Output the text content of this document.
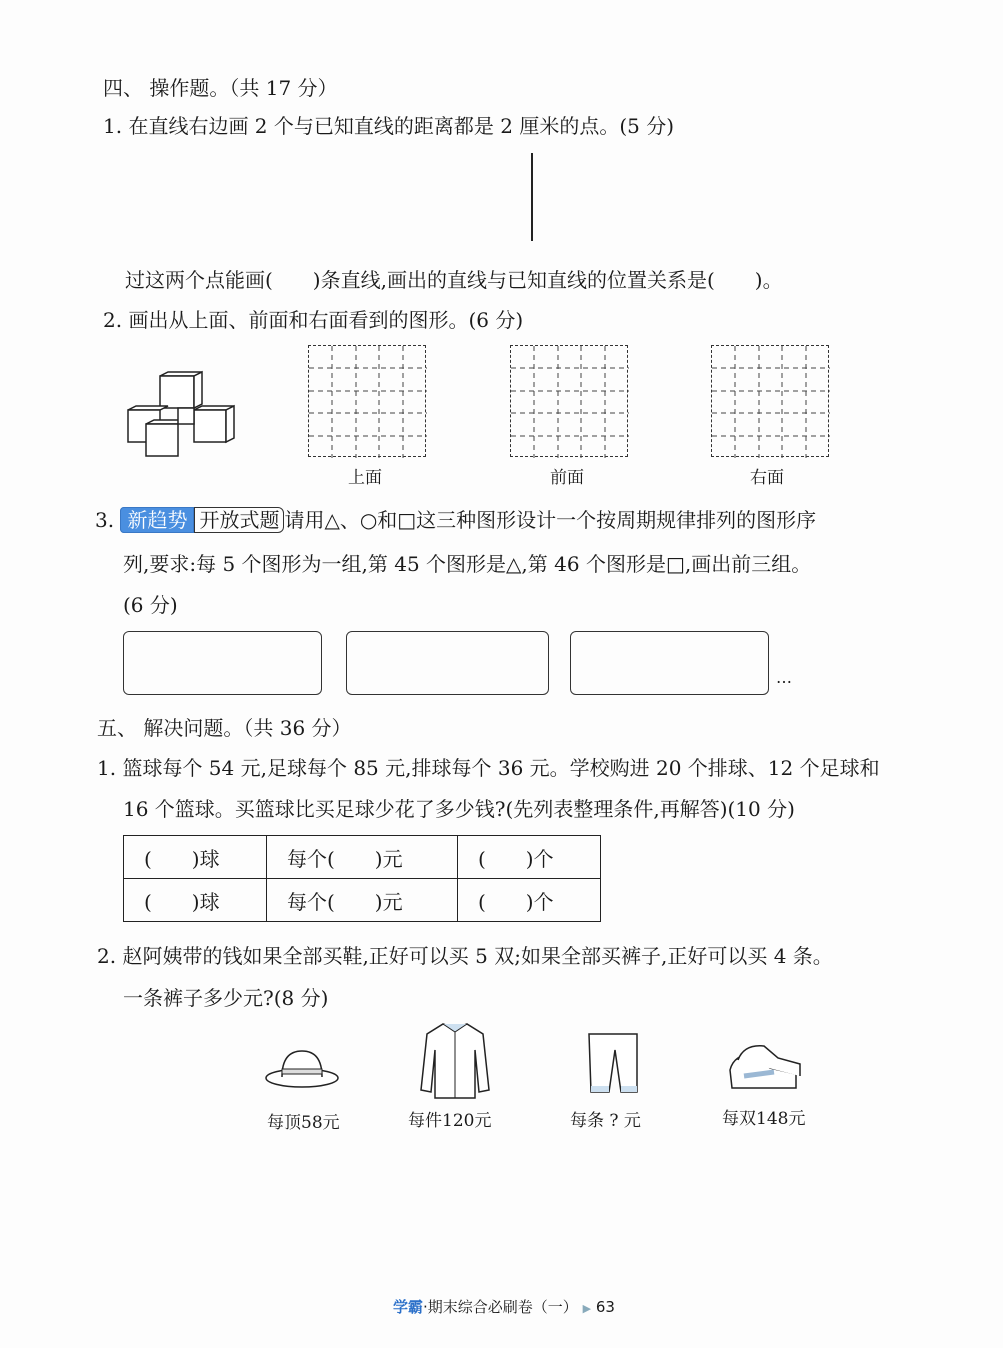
四、 操作题。（共 17 分）
1. 在直线右边画 2 个与已知直线的距离都是 2 厘米的点。(5 分)
过这两个点能画(　　)条直线,画出的直线与已知直线的位置关系是(　　)。
2. 画出从上面、前面和右面看到的图形。(6 分)
上面	前面	右面
3. 新趋势 开放式题 请用△、○和□这三种图形设计一个按周期规律排列的图形序
列,要求:每 5 个图形为一组,第 45 个图形是△,第 46 个图形是□,画出前三组。
(6 分)
…
五、 解决问题。（共 36 分）
1. 篮球每个 54 元,足球每个 85 元,排球每个 36 元。学校购进 20 个排球、12 个足球和
16 个篮球。买篮球比买足球少花了多少钱?(先列表整理条件,再解答)(10 分)
(　　)球	每个(　　)元	(　　)个
(　　)球	每个(　　)元	(　　)个
2. 赵阿姨带的钱如果全部买鞋,正好可以买 5 双;如果全部买裤子,正好可以买 4 条。
一条裤子多少元?(8 分)
每顶58元	每件120元	每条 ? 元	每双148元
学霸·期末综合必刷卷（一） ▶ 63
